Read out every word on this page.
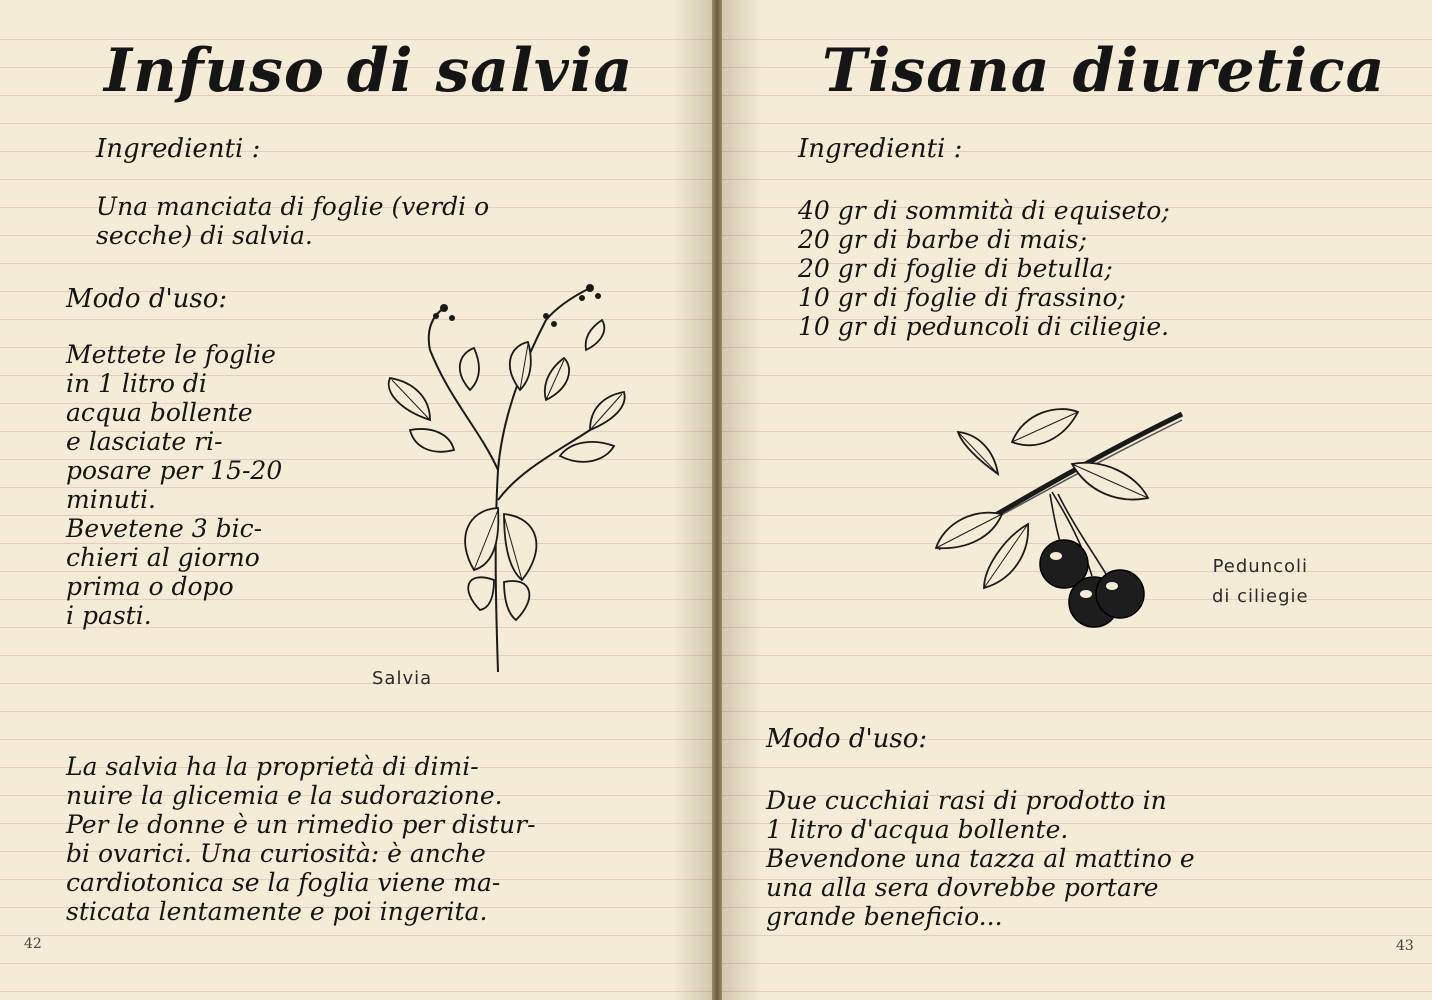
Infuso di salvia
Ingredienti :
Una manciata di foglie (verdi o
secche) di salvia.
Modo d'uso:
Mettete le foglie
in 1 litro di
acqua bollente
e lasciate ri-
posare per 15-20
minuti.
Bevetene 3 bic-
chieri al giorno
prima o dopo
i pasti.
Salvia
La salvia ha la proprietà di dimi-
nuire la glicemia e la sudorazione.
Per le donne è un rimedio per distur-
bi ovarici. Una curiosità: è anche
cardiotonica se la foglia viene ma-
sticata lentamente e poi ingerita.
42
Tisana diuretica
Ingredienti :
40 gr di sommità di equiseto;
20 gr di barbe di mais;
20 gr di foglie di betulla;
10 gr di foglie di frassino;
10 gr di peduncoli di ciliegie.
Peduncoli
di ciliegie
Modo d'uso:
Due cucchiai rasi di prodotto in
1 litro d'acqua bollente.
Bevendone una tazza al mattino e
una alla sera dovrebbe portare
grande beneficio...
43
